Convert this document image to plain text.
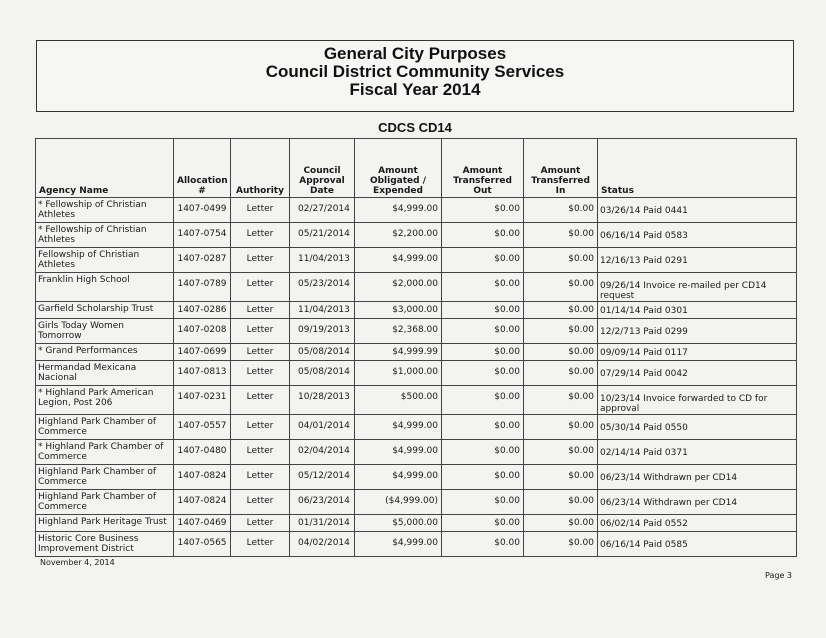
General City Purposes
Council District Community Services
Fiscal Year 2014
CDCS CD14
Agency Name	Allocation #	Authority	Council Approval Date	Amount Obligated / Expended	Amount Transferred Out	Amount Transferred In	Status
* Fellowship of Christian Athletes	1407-0499	Letter	02/27/2014	$4,999.00	$0.00	$0.00	03/26/14 Paid 0441
* Fellowship of Christian Athletes	1407-0754	Letter	05/21/2014	$2,200.00	$0.00	$0.00	06/16/14 Paid 0583
Fellowship of Christian Athletes	1407-0287	Letter	11/04/2013	$4,999.00	$0.00	$0.00	12/16/13 Paid 0291
Franklin High School	1407-0789	Letter	05/23/2014	$2,000.00	$0.00	$0.00	09/26/14 Invoice re-mailed per CD14 request
Garfield Scholarship Trust	1407-0286	Letter	11/04/2013	$3,000.00	$0.00	$0.00	01/14/14 Paid 0301
Girls Today Women Tomorrow	1407-0208	Letter	09/19/2013	$2,368.00	$0.00	$0.00	12/2/713 Paid 0299
* Grand Performances	1407-0699	Letter	05/08/2014	$4,999.99	$0.00	$0.00	09/09/14 Paid 0117
Hermandad Mexicana Nacional	1407-0813	Letter	05/08/2014	$1,000.00	$0.00	$0.00	07/29/14 Paid 0042
* Highland Park American Legion, Post 206	1407-0231	Letter	10/28/2013	$500.00	$0.00	$0.00	10/23/14 Invoice forwarded to CD for approval
Highland Park Chamber of Commerce	1407-0557	Letter	04/01/2014	$4,999.00	$0.00	$0.00	05/30/14 Paid 0550
* Highland Park Chamber of Commerce	1407-0480	Letter	02/04/2014	$4,999.00	$0.00	$0.00	02/14/14 Paid 0371
Highland Park Chamber of Commerce	1407-0824	Letter	05/12/2014	$4,999.00	$0.00	$0.00	06/23/14 Withdrawn per CD14
Highland Park Chamber of Commerce	1407-0824	Letter	06/23/2014	($4,999.00)	$0.00	$0.00	06/23/14 Withdrawn per CD14
Highland Park Heritage Trust	1407-0469	Letter	01/31/2014	$5,000.00	$0.00	$0.00	06/02/14 Paid 0552
Historic Core Business Improvement District	1407-0565	Letter	04/02/2014	$4,999.00	$0.00	$0.00	06/16/14 Paid 0585
November 4, 2014
Page 3
